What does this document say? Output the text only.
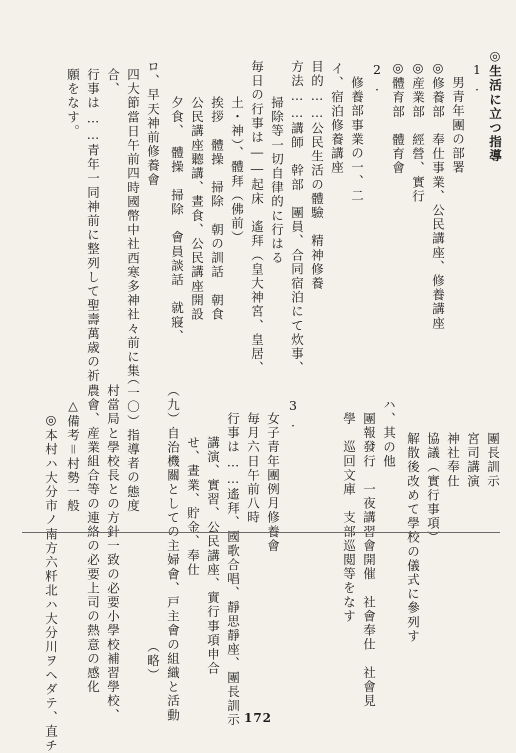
◎生活に立つ指導
1.
男青年團の部署
◎修養部　奉仕事業、公民講座、修養講座
◎産業部　經營、實行
◎體育部　體育會
2.
修養部事業の一、二
イ、宿泊修養講座
目的……公民生活の體驗　精神修養
方法……講師　幹部　團員、合同宿泊にて炊事、
掃除等一切自律的に行はる
毎日の行事は――起床　遙拜（皇大神宮、皇居、
土・神）、體拜（佛前）
挨拶　體操　掃除　朝の訓話　朝食
公民講座聽講、晝食、公民講座開設
夕食、　體操　掃除　會員談話　就寢、
ロ、早天神前修養會
四大節當日午前四時國幣中社西寒多神社々前に集
合、
行事は……青年一同神前に整列して聖壽萬歳の祈
願をなす。
團長訓示
宮司講演
神社奉仕
協議（實行事項）
解散後改めて學校の儀式に參列す
ハ、其の他
團報發行　一夜講習會開催　社會奉仕　社會見
學　巡回文庫　支部巡閲等をなす
3.
女子青年團例月修養會
毎月六日午前八時
行事は……遙拜、國歌合唱、靜思靜座、團長訓示
講演、實習、公民講座、實行事項申合
せ、晝業、貯金、奉仕
（九）自治機關としての主婦會、戸主會の組織と活動
（略）
（一〇）指導者の態度
村當局と學校長との方針一致の必要小學校補習學校、
農會、産業組合等の連絡の必要上司の熱意の感化
△備考＝村勢一般
◎本村ハ大分市ノ南方六粁北ハ大分川ヲヘダテ、直チ	172
